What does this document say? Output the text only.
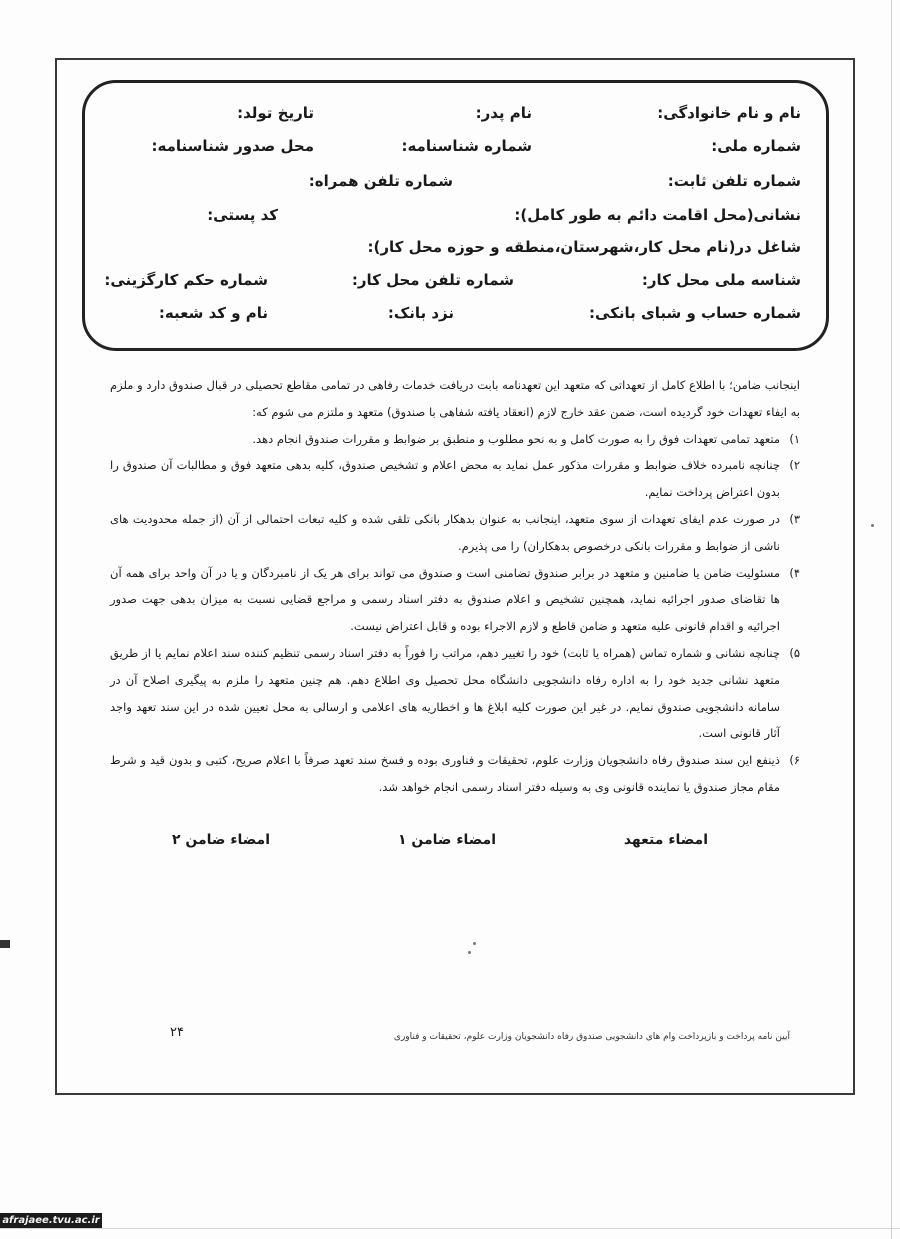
نام و نام خانوادگی:
نام پدر:
تاریخ تولد:
شماره ملی:
شماره شناسنامه:
محل صدور شناسنامه:
شماره تلفن ثابت:
شماره تلفن همراه:
نشانی(محل اقامت دائم به طور کامل):
کد پستی:
شاغل در(نام محل کار،شهرستان،منطقه و حوزه محل کار):
شناسه ملی محل کار:
شماره تلفن محل کار:
شماره حکم کارگزینی:
شماره حساب و شبای بانکی:
نزد بانک:
نام و کد شعبه:

اینجانب ضامن؛ با اطلاع کامل از تعهداتی که متعهد این تعهدنامه بابت دریافت خدمات رفاهی در تمامی مقاطع تحصیلی در قبال صندوق دارد و ملزم به ایفاء تعهدات خود گردیده است، ضمن عقد خارج لازم (انعقاد یافته شفاهی با صندوق) متعهد و ملتزم می شوم که:

۱)
متعهد تمامی تعهدات فوق را به صورت کامل و به نحو مطلوب و منطبق بر ضوابط و مقررات صندوق انجام دهد.
۲)
چنانچه نامبرده خلاف ضوابط و مقررات مذکور عمل نماید به محض اعلام و تشخیص صندوق، کلیه بدهی متعهد فوق و مطالبات آن صندوق را بدون اعتراض پرداخت نمایم.
۳)
در صورت عدم ایفای تعهدات از سوی متعهد، اینجانب به عنوان بدهکار بانکی تلقی شده و کلیه تبعات احتمالی از آن (از جمله محدودیت های ناشی از ضوابط و مقررات بانکی درخصوص بدهکاران) را می پذیرم.
۴)
مسئولیت ضامن یا ضامنین و متعهد در برابر صندوق تضامنی است و صندوق می تواند برای هر یک از نامبردگان و یا در آن واحد برای همه آن ها تقاضای صدور اجرائیه نماید، همچنین تشخیص و اعلام صندوق به دفتر اسناد رسمی و مراجع قضایی نسبت به میزان بدهی جهت صدور اجرائیه و اقدام قانونی علیه متعهد و ضامن قاطع و لازم الاجراء بوده و قابل اعتراض نیست.
۵)
چنانچه نشانی و شماره تماس (همراه یا ثابت) خود را تغییر دهم، مراتب را فوراً به دفتر اسناد رسمی تنظیم کننده سند اعلام نمایم یا از طریق متعهد نشانی جدید خود را به اداره رفاه دانشجویی دانشگاه محل تحصیل وی اطلاع دهم. هم چنین متعهد را ملزم به پیگیری اصلاح آن در سامانه دانشجویی صندوق نمایم. در غیر این صورت کلیه ابلاغ ها و اخطاریه های اعلامی و ارسالی به محل تعیین شده در این سند تعهد واجد آثار قانونی است.
۶)
ذینفع این سند صندوق رفاه دانشجویان وزارت علوم، تحقیقات و فناوری بوده و فسخ سند تعهد صرفاً با اعلام صریح، کتبی و بدون قید و شرط مقام مجاز صندوق یا نماینده قانونی وی به وسیله دفتر اسناد رسمی انجام خواهد شد.
امضاء متعهد
امضاء ضامن ۱
امضاء ضامن ۲
۲۴	آیین نامه پرداخت و بازپرداخت وام های دانشجویی صندوق رفاه دانشجویان وزارت علوم، تحقیقات و فناوری
afrajaee.tvu.ac.ir
